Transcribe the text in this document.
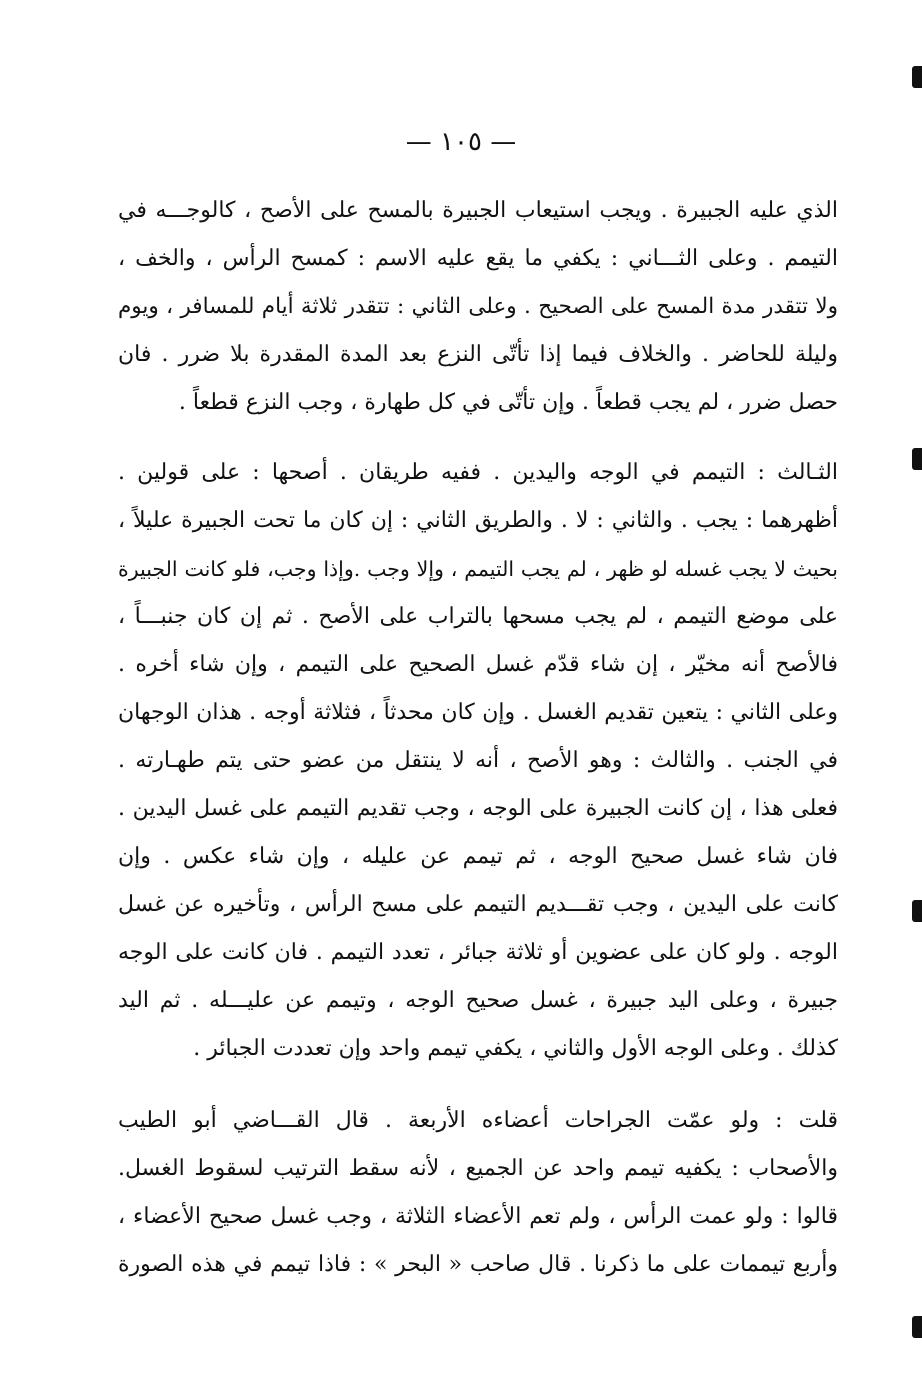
— ١٠٥ —
الذي عليه الجبيرة . ويجب استيعاب الجبيرة بالمسح على الأصح ، كالوجـــه في
التيمم . وعلى الثـــاني : يكفي ما يقع عليه الاسم : كمسح الرأس ، والخف ،
ولا تتقدر مدة المسح على الصحيح . وعلى الثاني : تتقدر ثلاثة أيام للمسافر ، ويوم
وليلة للحاضر . والخلاف فيما إذا تأتّى النزع بعد المدة المقدرة بلا ضرر . فان
حصل ضرر ، لم يجب قطعاً . وإن تأتّى في كل طهارة ، وجب النزع قطعاً .
الثـالث : التيمم في الوجه واليدين . ففيه طريقان . أصحها : على قولين .
أظهرهما : يجب . والثاني : لا . والطريق الثاني : إن كان ما تحت الجبيرة عليلاً ،
بحيث لا يجب غسله لو ظهر ، لم يجب التيمم ، وإلا وجب .وإذا وجب، فلو كانت الجبيرة
على موضع التيمم ، لم يجب مسحها بالتراب على الأصح . ثم إن كان جنبـــاً ،
فالأصح أنه مخيّر ، إن شاء قدّم غسل الصحيح على التيمم ، وإن شاء أخره .
وعلى الثاني : يتعين تقديم الغسل . وإن كان محدثاً ، فثلاثة أوجه . هذان الوجهان
في الجنب . والثالث : وهو الأصح ، أنه لا ينتقل من عضو حتى يتم طهـارته .
فعلى هذا ، إن كانت الجبيرة على الوجه ، وجب تقديم التيمم على غسل اليدين .
فان شاء غسل صحيح الوجه ، ثم تيمم عن عليله ، وإن شاء عكس . وإن
كانت على اليدين ، وجب تقـــديم التيمم على مسح الرأس ، وتأخيره عن غسل
الوجه . ولو كان على عضوين أو ثلاثة جبائر ، تعدد التيمم . فان كانت على الوجه
جبيرة ، وعلى اليد جبيرة ، غسل صحيح الوجه ، وتيمم عن عليـــله . ثم اليد
كذلك . وعلى الوجه الأول والثاني ، يكفي تيمم واحد وإن تعددت الجبائر .
قلت : ولو عمّت الجراحات أعضاءه الأربعة . قال القـــاضي أبو الطيب
والأصحاب : يكفيه تيمم واحد عن الجميع ، لأنه سقط الترتيب لسقوط الغسل.
قالوا : ولو عمت الرأس ، ولم تعم الأعضاء الثلاثة ، وجب غسل صحيح الأعضاء ،
وأربع تيممات على ما ذكرنا . قال صاحب « البحر » : فاذا تيمم في هذه الصورة
